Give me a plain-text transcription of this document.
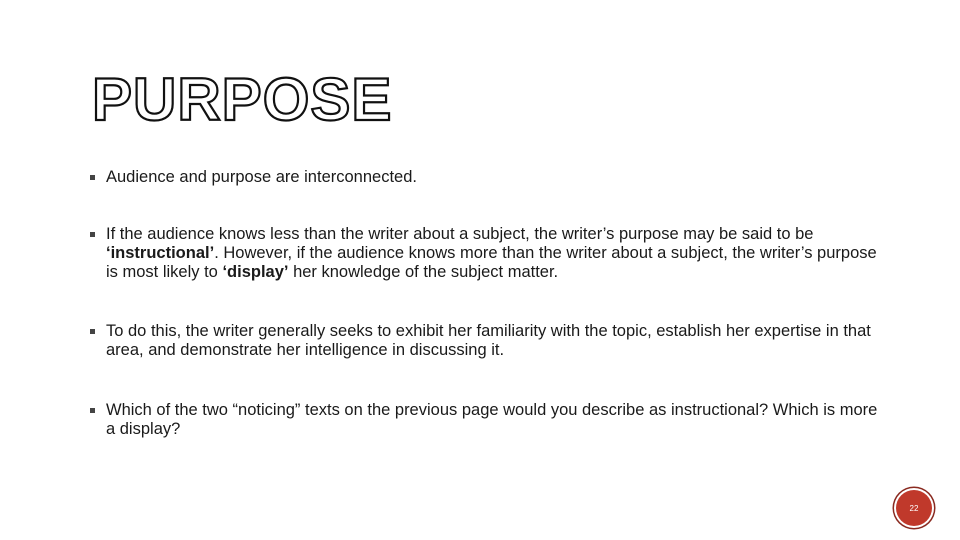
PURPOSE
Audience and purpose are interconnected.
If the audience knows less than the writer about a subject, the writer’s purpose may be said to be ‘instructional’. However, if the audience knows more than the writer about a subject, the writer’s purpose is most likely to ‘display’ her knowledge of the subject matter.
To do this, the writer generally seeks to exhibit her familiarity with the topic, establish her expertise in that area, and demonstrate her intelligence in discussing it.
Which of the two “noticing” texts on the previous page would you describe as instructional? Which is more a display?
22
